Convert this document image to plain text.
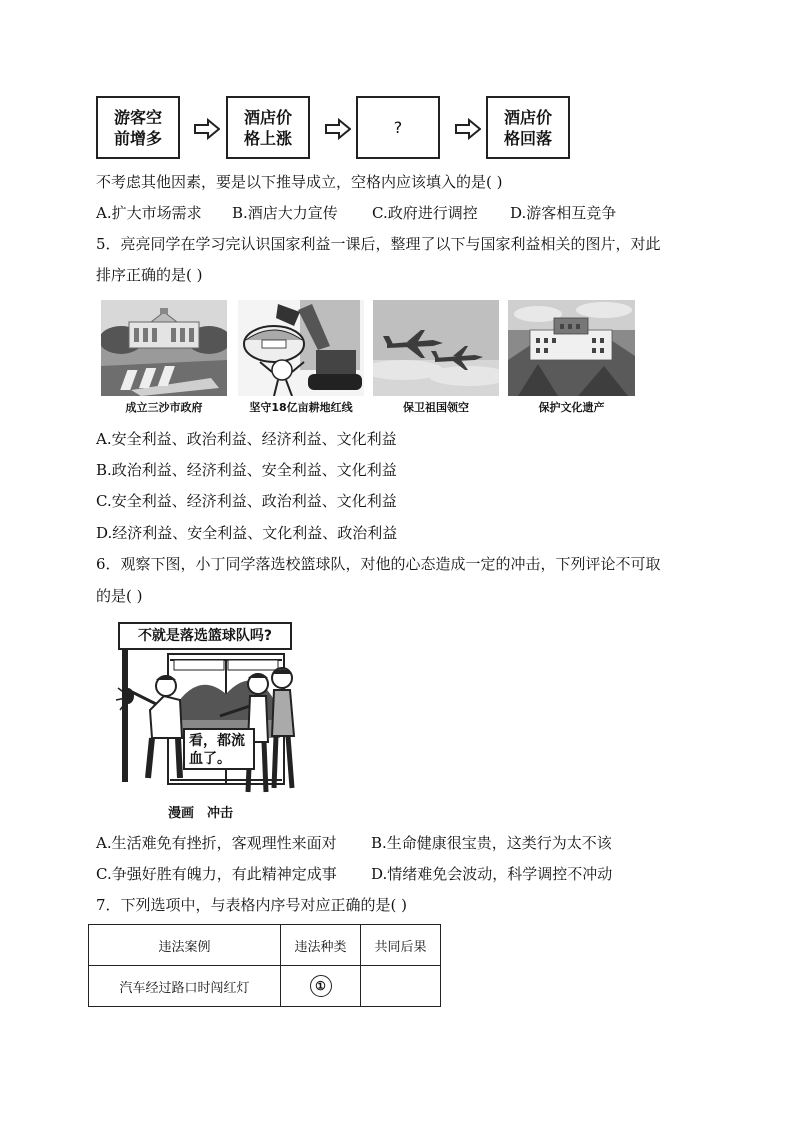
游客空
前增多
酒店价
格上涨
?
酒店价
格回落
不考虑其他因素，要是以下推导成立，空格内应该填入的是( )
A.扩大市场需求 B.酒店大力宣传 C.政府进行调控 D.游客相互竞争
5．亮亮同学在学习完认识国家利益一课后，整理了以下与国家利益相关的图片，对此
排序正确的是( )
成立三沙市政府	坚守18亿亩耕地红线	保卫祖国领空	保护文化遗产
A.安全利益、政治利益、经济利益、文化利益
B.政治利益、经济利益、安全利益、文化利益
C.安全利益、经济利益、政治利益、文化利益
D.经济利益、安全利益、文化利益、政治利益
6．观察下图，小丁同学落选校篮球队，对他的心态造成一定的冲击，下列评论不可取
的是( )
不就是落选篮球队吗?
看，都流
血了。
漫画　冲击
A.生活难免有挫折，客观理性来面对 B.生命健康很宝贵，这类行为太不该
C.争强好胜有魄力，有此精神定成事 D.情绪难免会波动，科学调控不冲动
7．下列选项中，与表格内序号对应正确的是( )
违法案例	违法种类	共同后果
汽车经过路口时闯红灯	①	
